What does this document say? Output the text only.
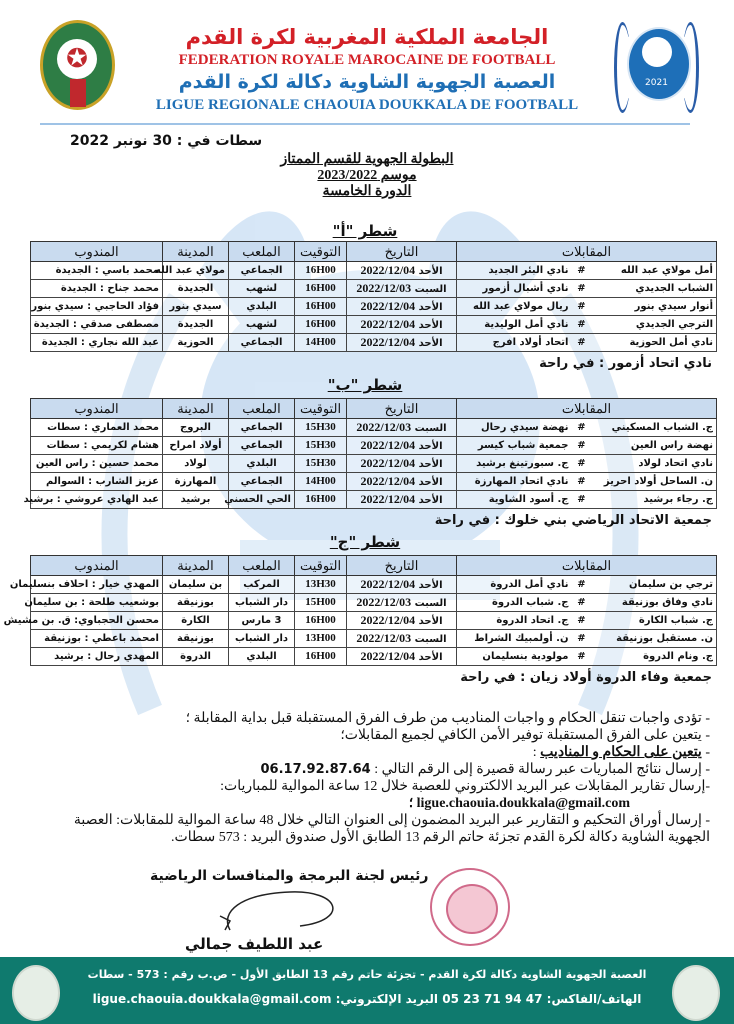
✪
2021
الجامعة الملكية المغربية لكرة القدم
FEDERATION ROYALE MAROCAINE DE FOOTBALL
العصبة الجهوية الشاوية دكالة لكرة القدم
LIGUE REGIONALE CHAOUIA DOUKKALA DE FOOTBALL
سطات في : 30 نونبر 2022
البطولة الجهوية للقسم الممتاز
موسم 2023/2022
الدورة الخامسة
شطر "أ"
المقابلات			التاريخ	التوقيت	الملعب	المدينة	المندوب
أمل مولاي عبد الله	#	نادي البئر الجديد	الأحد 2022/12/04	16H00	الجماعي	مولاي عبد الله	محمد باسي : الجديدة
الشباب الجديدي	#	نادي أشبال أزمور	السبت 2022/12/03	16H00	لشهب	الجديدة	محمد جناح : الجديدة
أنوار سيدي بنور	#	ريال مولاي عبد الله	الأحد 2022/12/04	16H00	البلدي	سيدي بنور	فؤاد الحاجبي : سيدي بنور
الترجي الجديدي	#	نادي أمل الوليدية	الأحد 2022/12/04	16H00	لشهب	الجديدة	مصطفى صدقي : الجديدة
نادي أمل الحوزية	#	اتحاد أولاد افرج	الأحد 2022/12/04	14H00	الجماعي	الحوزية	عبد الله نجاري : الجديدة
نادي اتحاد أزمور : في راحة
شطر "ب"
المقابلات			التاريخ	التوقيت	الملعب	المدينة	المندوب
ج. الشباب المسكيني	#	نهضة سيدي رحال	السبت 2022/12/03	15H30	الجماعي	البروج	محمد العماري : سطات
نهضة راس العين	#	جمعية شباب كيسر	الأحد 2022/12/04	15H30	الجماعي	أولاد امراح	هشام لكريمي : سطات
نادي اتحاد لولاد	#	ج. سبورتينغ برشيد	الأحد 2022/12/04	15H30	البلدي	لولاد	محمد حسين : راس العين
ن. الساحل أولاد احريز	#	نادي اتحاد المهارزة	الأحد 2022/12/04	14H00	الجماعي	المهارزة	عزيز الشارب : السوالم
ج. رجاء برشيد	#	ج. أسود الشاوية	الأحد 2022/12/04	16H00	الحي الحسني	برشيد	عبد الهادي عروشي : برشيد
جمعية الاتحاد الرياضي بني خلوك : في راحة
شطر "ج"
المقابلات			التاريخ	التوقيت	الملعب	المدينة	المندوب
ترجي بن سليمان	#	نادي أمل الدروة	الأحد 2022/12/04	13H30	المركب	بن سليمان	المهدي خيار : احلاف بنسليمان
نادي وفاق بوزنيقة	#	ج. شباب الدروة	السبت 2022/12/03	15H00	دار الشباب	بوزنيقة	بوشعيب طلحة : بن سليمان
ج. شباب الكارة	#	ج. اتحاد الدروة	الأحد 2022/12/04	16H00	3 مارس	الكارة	محسن الحجباوي: ق. بن مشيش
ن. مستقبل بوزنيقة	#	ن. أولمبيك الشراط	السبت 2022/12/03	13H00	دار الشباب	بوزنيقة	امحمد باعطي : بوزنيقة
ج. ونام الدروة	#	مولودية بنسليمان	الأحد 2022/12/04	16H00	البلدي	الدروة	المهدي رحال : برشيد
جمعية وفاء الدروة أولاد زيان : في راحة
- تؤدى واجبات تنقل الحكام و واجبات المناديب من طرف الفرق المستقبلة قبل بداية المقابلة ؛
- يتعين على الفرق المستقبلة توفير الأمن الكافي لجميع المقابلات؛
- يتعين على الحكام و المناديب :
- إرسال نتائج المباريات عبر رسالة قصيرة إلى الرقم التالي : 06.17.92.87.64
-إرسال تقارير المقابلات عبر البريد الالكتروني للعصبة خلال 12 ساعة الموالية للمباريات:
ligue.chaouia.doukkala@gmail.com ؛
- إرسال أوراق التحكيم و التقارير عبر البريد المضمون إلى العنوان التالي خلال 48 ساعة الموالية للمقابلات: العصبة الجهوية الشاوية دكالة لكرة القدم تجزئة حاتم الرقم 13 الطابق الأول صندوق البريد : 573 سطات.
رئيس لجنة البرمجة والمنافسات الرياضية
عبد اللطيف جمالي
العصبة الجهوية الشاوية دكالة لكرة القدم - تجزئة حاتم رقم 13 الطابق الأول - ص.ب رقم : 573 - سطات
الهاتف/الفاكس: 47 94 71 23 05 البريد الإلكتروني: ligue.chaouia.doukkala@gmail.com
